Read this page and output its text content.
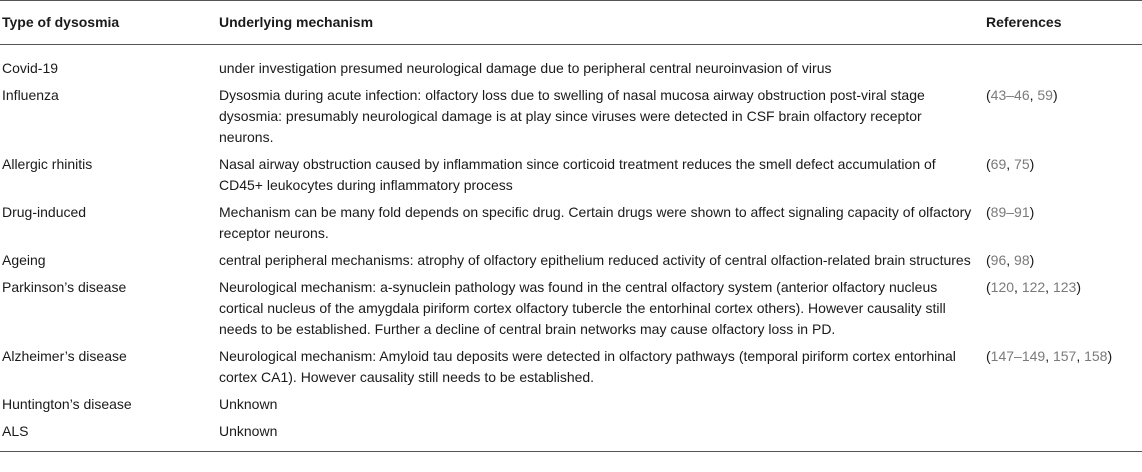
Type of dysosmia	Underlying mechanism	References
Covid-19	under investigation presumed neurological damage due to peripheral central neuroinvasion of virus	
Influenza	Dysosmia during acute infection: olfactory loss due to swelling of nasal mucosa airway obstruction post-viral stage dysosmia: presumably neurological damage is at play since viruses were detected in CSF brain olfactory receptor neurons.	(43–46, 59)
Allergic rhinitis	Nasal airway obstruction caused by inflammation since corticoid treatment reduces the smell defect accumulation of CD45+ leukocytes during inflammatory process	(69, 75)
Drug-induced	Mechanism can be many fold depends on specific drug. Certain drugs were shown to affect signaling capacity of olfactory receptor neurons.	(89–91)
Ageing	central peripheral mechanisms: atrophy of olfactory epithelium reduced activity of central olfaction-related brain structures	(96, 98)
Parkinson’s disease	Neurological mechanism: a-synuclein pathology was found in the central olfactory system (anterior olfactory nucleus cortical nucleus of the amygdala piriform cortex olfactory tubercle the entorhinal cortex others). However causality still needs to be established. Further a decline of central brain networks may cause olfactory loss in PD.	(120, 122, 123)
Alzheimer’s disease	Neurological mechanism: Amyloid tau deposits were detected in olfactory pathways (temporal piriform cortex entorhinal cortex CA1). However causality still needs to be established.	(147–149, 157, 158)
Huntington’s disease	Unknown	
ALS	Unknown	
